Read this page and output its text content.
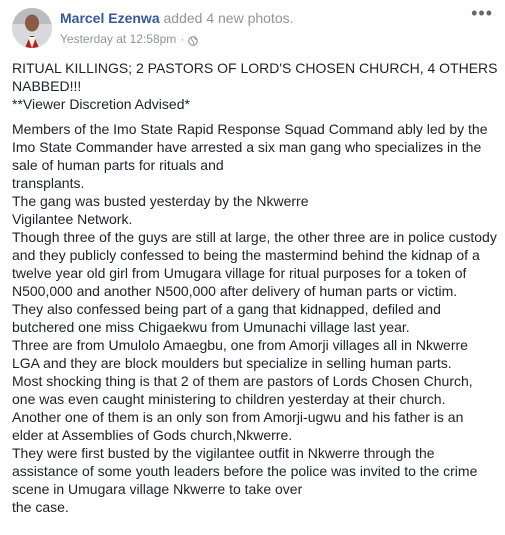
Marcel Ezenwa added 4 new photos.
Yesterday at 12:58pm ·
•••
RITUAL KILLINGS; 2 PASTORS OF LORD'S CHOSEN CHURCH, 4 OTHERS
NABBED!!!
**Viewer Discretion Advised*
Members of the Imo State Rapid Response Squad Command ably led by the
Imo State Commander have arrested a six man gang who specializes in the
sale of human parts for rituals and
transplants.
The gang was busted yesterday by the Nkwerre
Vigilantee Network.
Though three of the guys are still at large, the other three are in police custody
and they publicly confessed to being the mastermind behind the kidnap of a
twelve year old girl from Umugara village for ritual purposes for a token of
N500,000 and another N500,000 after delivery of human parts or victim.
They also confessed being part of a gang that kidnapped, defiled and
butchered one miss Chigaekwu from Umunachi village last year.
Three are from Umulolo Amaegbu, one from Amorji villages all in Nkwerre
LGA and they are block moulders but specialize in selling human parts.
Most shocking thing is that 2 of them are pastors of Lords Chosen Church,
one was even caught ministering to children yesterday at their church.
Another one of them is an only son from Amorji-ugwu and his father is an
elder at Assemblies of Gods church,Nkwerre.
They were first busted by the vigilantee outfit in Nkwerre through the
assistance of some youth leaders before the police was invited to the crime
scene in Umugara village Nkwerre to take over
the case.
